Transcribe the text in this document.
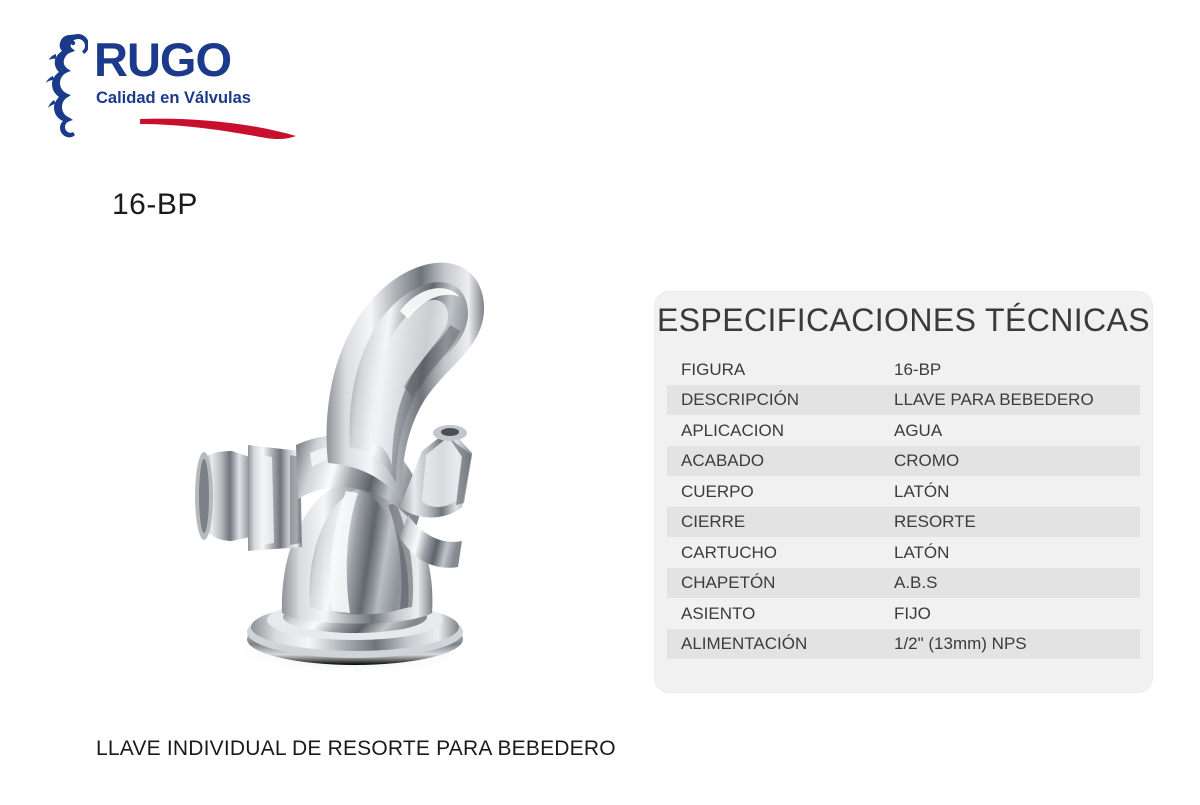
RUGO
Calidad en Válvulas
16-BP
LLAVE INDIVIDUAL DE RESORTE PARA BEBEDERO
ESPECIFICACIONES TÉCNICAS
FIGURA	16-BP
DESCRIPCIÓN	LLAVE PARA BEBEDERO
APLICACION	AGUA
ACABADO	CROMO
CUERPO	LATÓN
CIERRE	RESORTE
CARTUCHO	LATÓN
CHAPETÓN	A.B.S
ASIENTO	FIJO
ALIMENTACIÓN	1/2" (13mm) NPS
